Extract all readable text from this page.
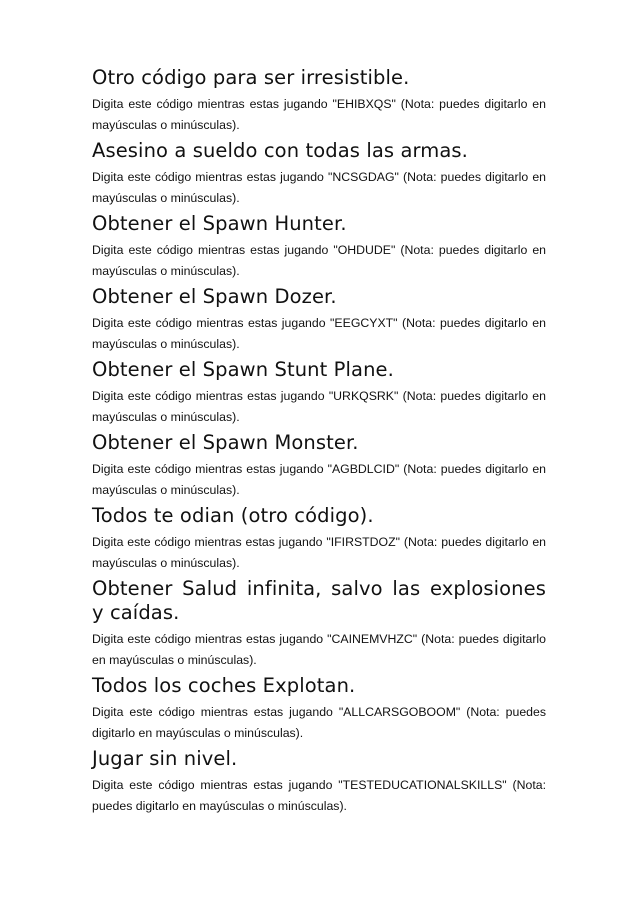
Otro código para ser irresistible.

Digita este código mientras estas jugando "EHIBXQS" (Nota: puedes digitarlo en mayúsculas o minúsculas).

Asesino a sueldo con todas las armas.

Digita este código mientras estas jugando "NCSGDAG" (Nota: puedes digitarlo en mayúsculas o minúsculas).

Obtener el Spawn Hunter.

Digita este código mientras estas jugando "OHDUDE" (Nota: puedes digitarlo en mayúsculas o minúsculas).

Obtener el Spawn Dozer.

Digita este código mientras estas jugando "EEGCYXT" (Nota: puedes digitarlo en mayúsculas o minúsculas).

Obtener el Spawn Stunt Plane.

Digita este código mientras estas jugando "URKQSRK" (Nota: puedes digitarlo en mayúsculas o minúsculas).

Obtener el Spawn Monster.

Digita este código mientras estas jugando "AGBDLCID" (Nota: puedes digitarlo en mayúsculas o minúsculas).

Todos te odian (otro código).

Digita este código mientras estas jugando "IFIRSTDOZ" (Nota: puedes digitarlo en mayúsculas o minúsculas).

Obtener Salud infinita, salvo las explosiones y caídas.

Digita este código mientras estas jugando "CAINEMVHZC" (Nota: puedes digitarlo en mayúsculas o minúsculas).

Todos los coches Explotan.

Digita este código mientras estas jugando "ALLCARSGOBOOM" (Nota: puedes digitarlo en mayúsculas o minúsculas).

Jugar sin nivel.

Digita este código mientras estas jugando "TESTEDUCATIONALSKILLS" (Nota: puedes digitarlo en mayúsculas o minúsculas).
